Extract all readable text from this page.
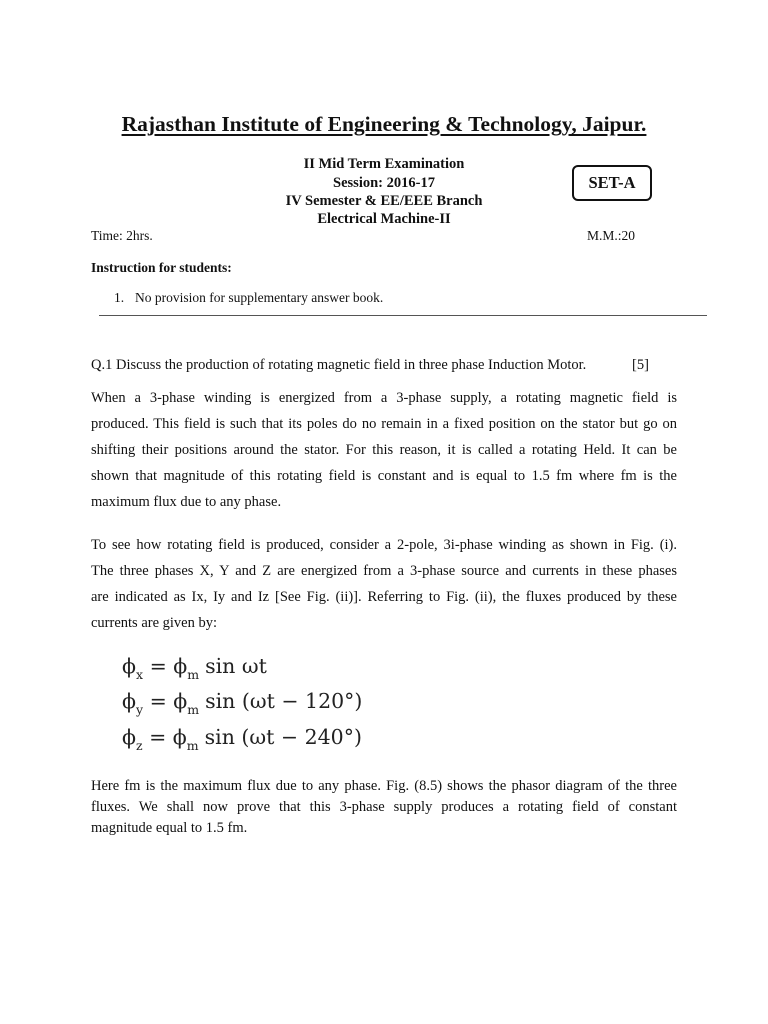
Rajasthan Institute of Engineering & Technology, Jaipur.
II Mid Term Examination
Session: 2016-17
IV Semester & EE/EEE Branch
Electrical Machine-II
SET-A
Time: 2hrs.	M.M.:20
Instruction for students:
1. No provision for supplementary answer book.
Q.1 Discuss the production of rotating magnetic field in three phase Induction Motor.	[5]
When a 3-phase winding is energized from a 3-phase supply, a rotating magnetic field is
produced. This field is such that its poles do no remain in a fixed position on the stator but go on
shifting their positions around the stator. For this reason, it is called a rotating Held. It can be
shown that magnitude of this rotating field is constant and is equal to 1.5 fm where fm is the
maximum flux due to any phase.
To see how rotating field is produced, consider a 2-pole, 3i-phase winding as shown in Fig. (i).
The three phases X, Y and Z are energized from a 3-phase source and currents in these phases
are indicated as Ix, Iy and Iz [See Fig. (ii)]. Referring to Fig. (ii), the fluxes produced by these
currents are given by:
$\phi_x = \phi_m$ sin ωt
$\phi_y = \phi_m$ sin (ωt − 120°)
$\phi_z = \phi_m$ sin (ωt − 240°)
Here fm is the maximum flux due to any phase. Fig. (8.5) shows the phasor diagram of the three
fluxes. We shall now prove that this 3-phase supply produces a rotating field of constant
magnitude equal to 1.5 fm.
